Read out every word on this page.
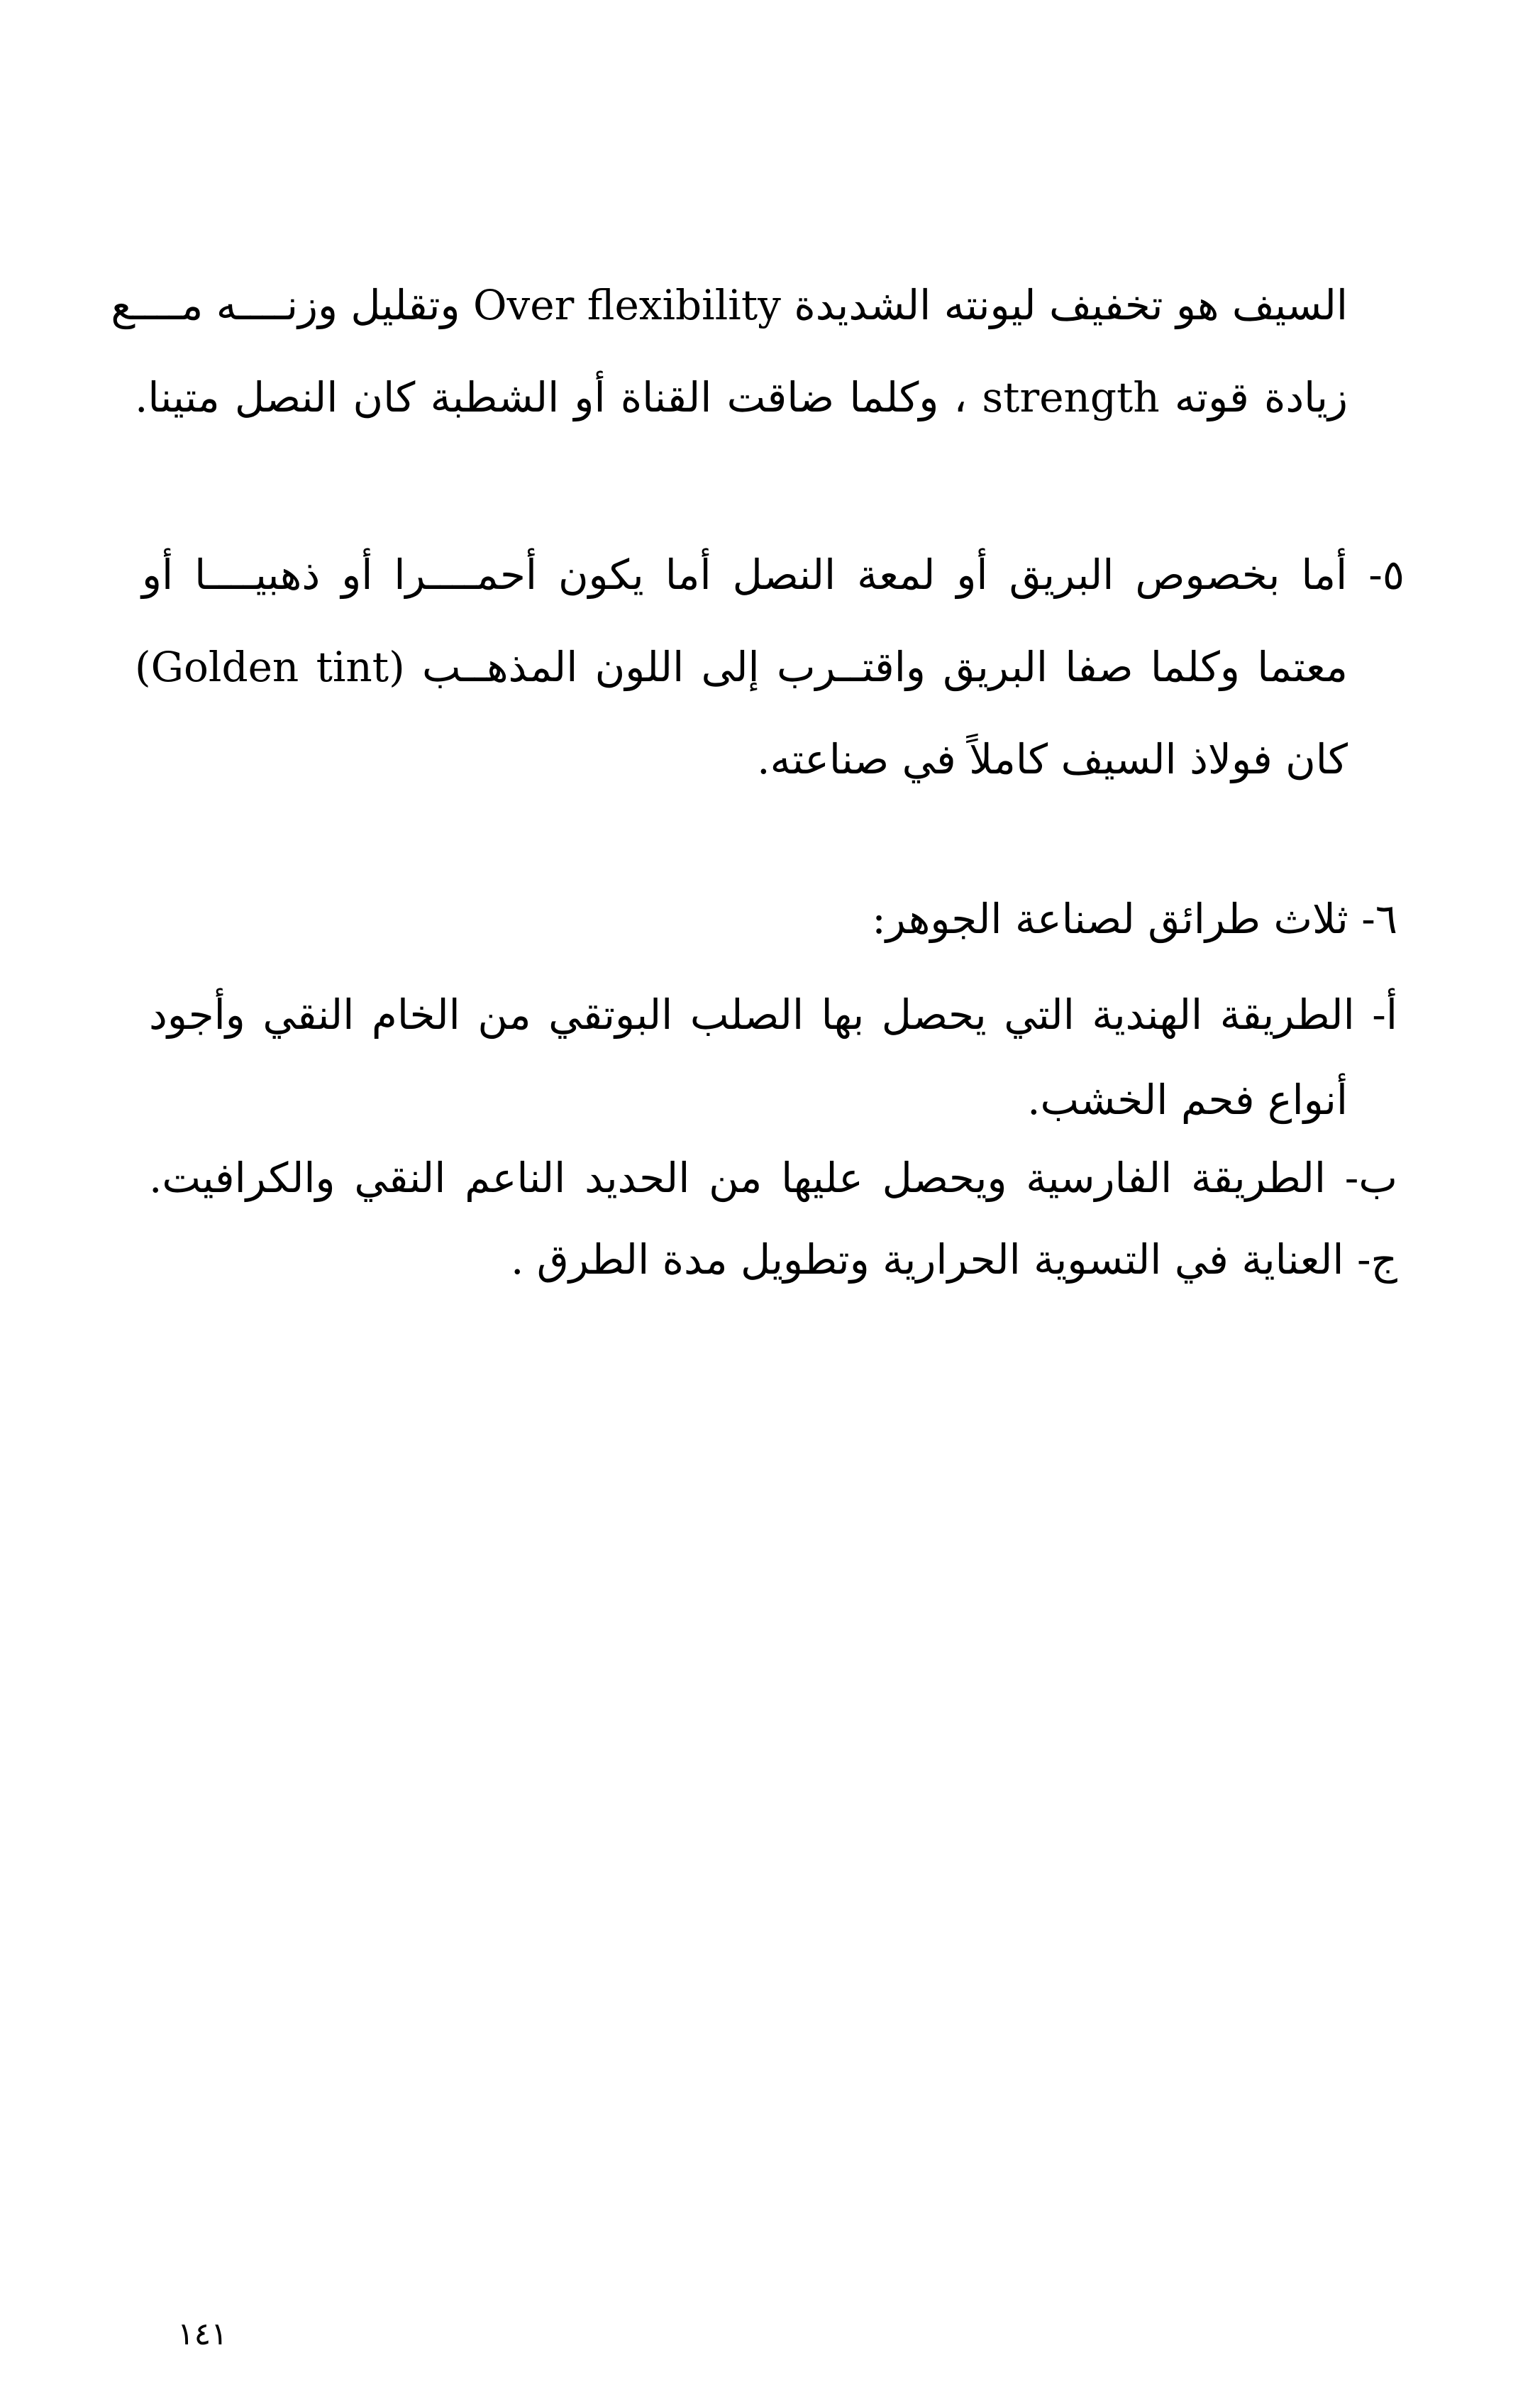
السيف هو تخفيف ليونته الشديدة Over flexibility وتقليل وزنــــه مــــع
زيادة قوته strength ، وكلما ضاقت القناة أو الشطبة كان النصل متينا.
٥- أما بخصوص البريق أو لمعة النصل أما يكون أحمــــرا أو ذهبيــــا أو
معتما وكلما صفا البريق واقتــرب إلى اللون المذهــب (Golden tint)
كان فولاذ السيف كاملاً في صناعته.
٦- ثلاث طرائق لصناعة الجوهر:
أ- الطريقة الهندية التي يحصل بها الصلب البوتقي من الخام النقي وأجود
أنواع فحم الخشب.
ب- الطريقة الفارسية ويحصل عليها من الحديد الناعم النقي والكرافيت.
ج- العناية في التسوية الحرارية وتطويل مدة الطرق .
١٤١
